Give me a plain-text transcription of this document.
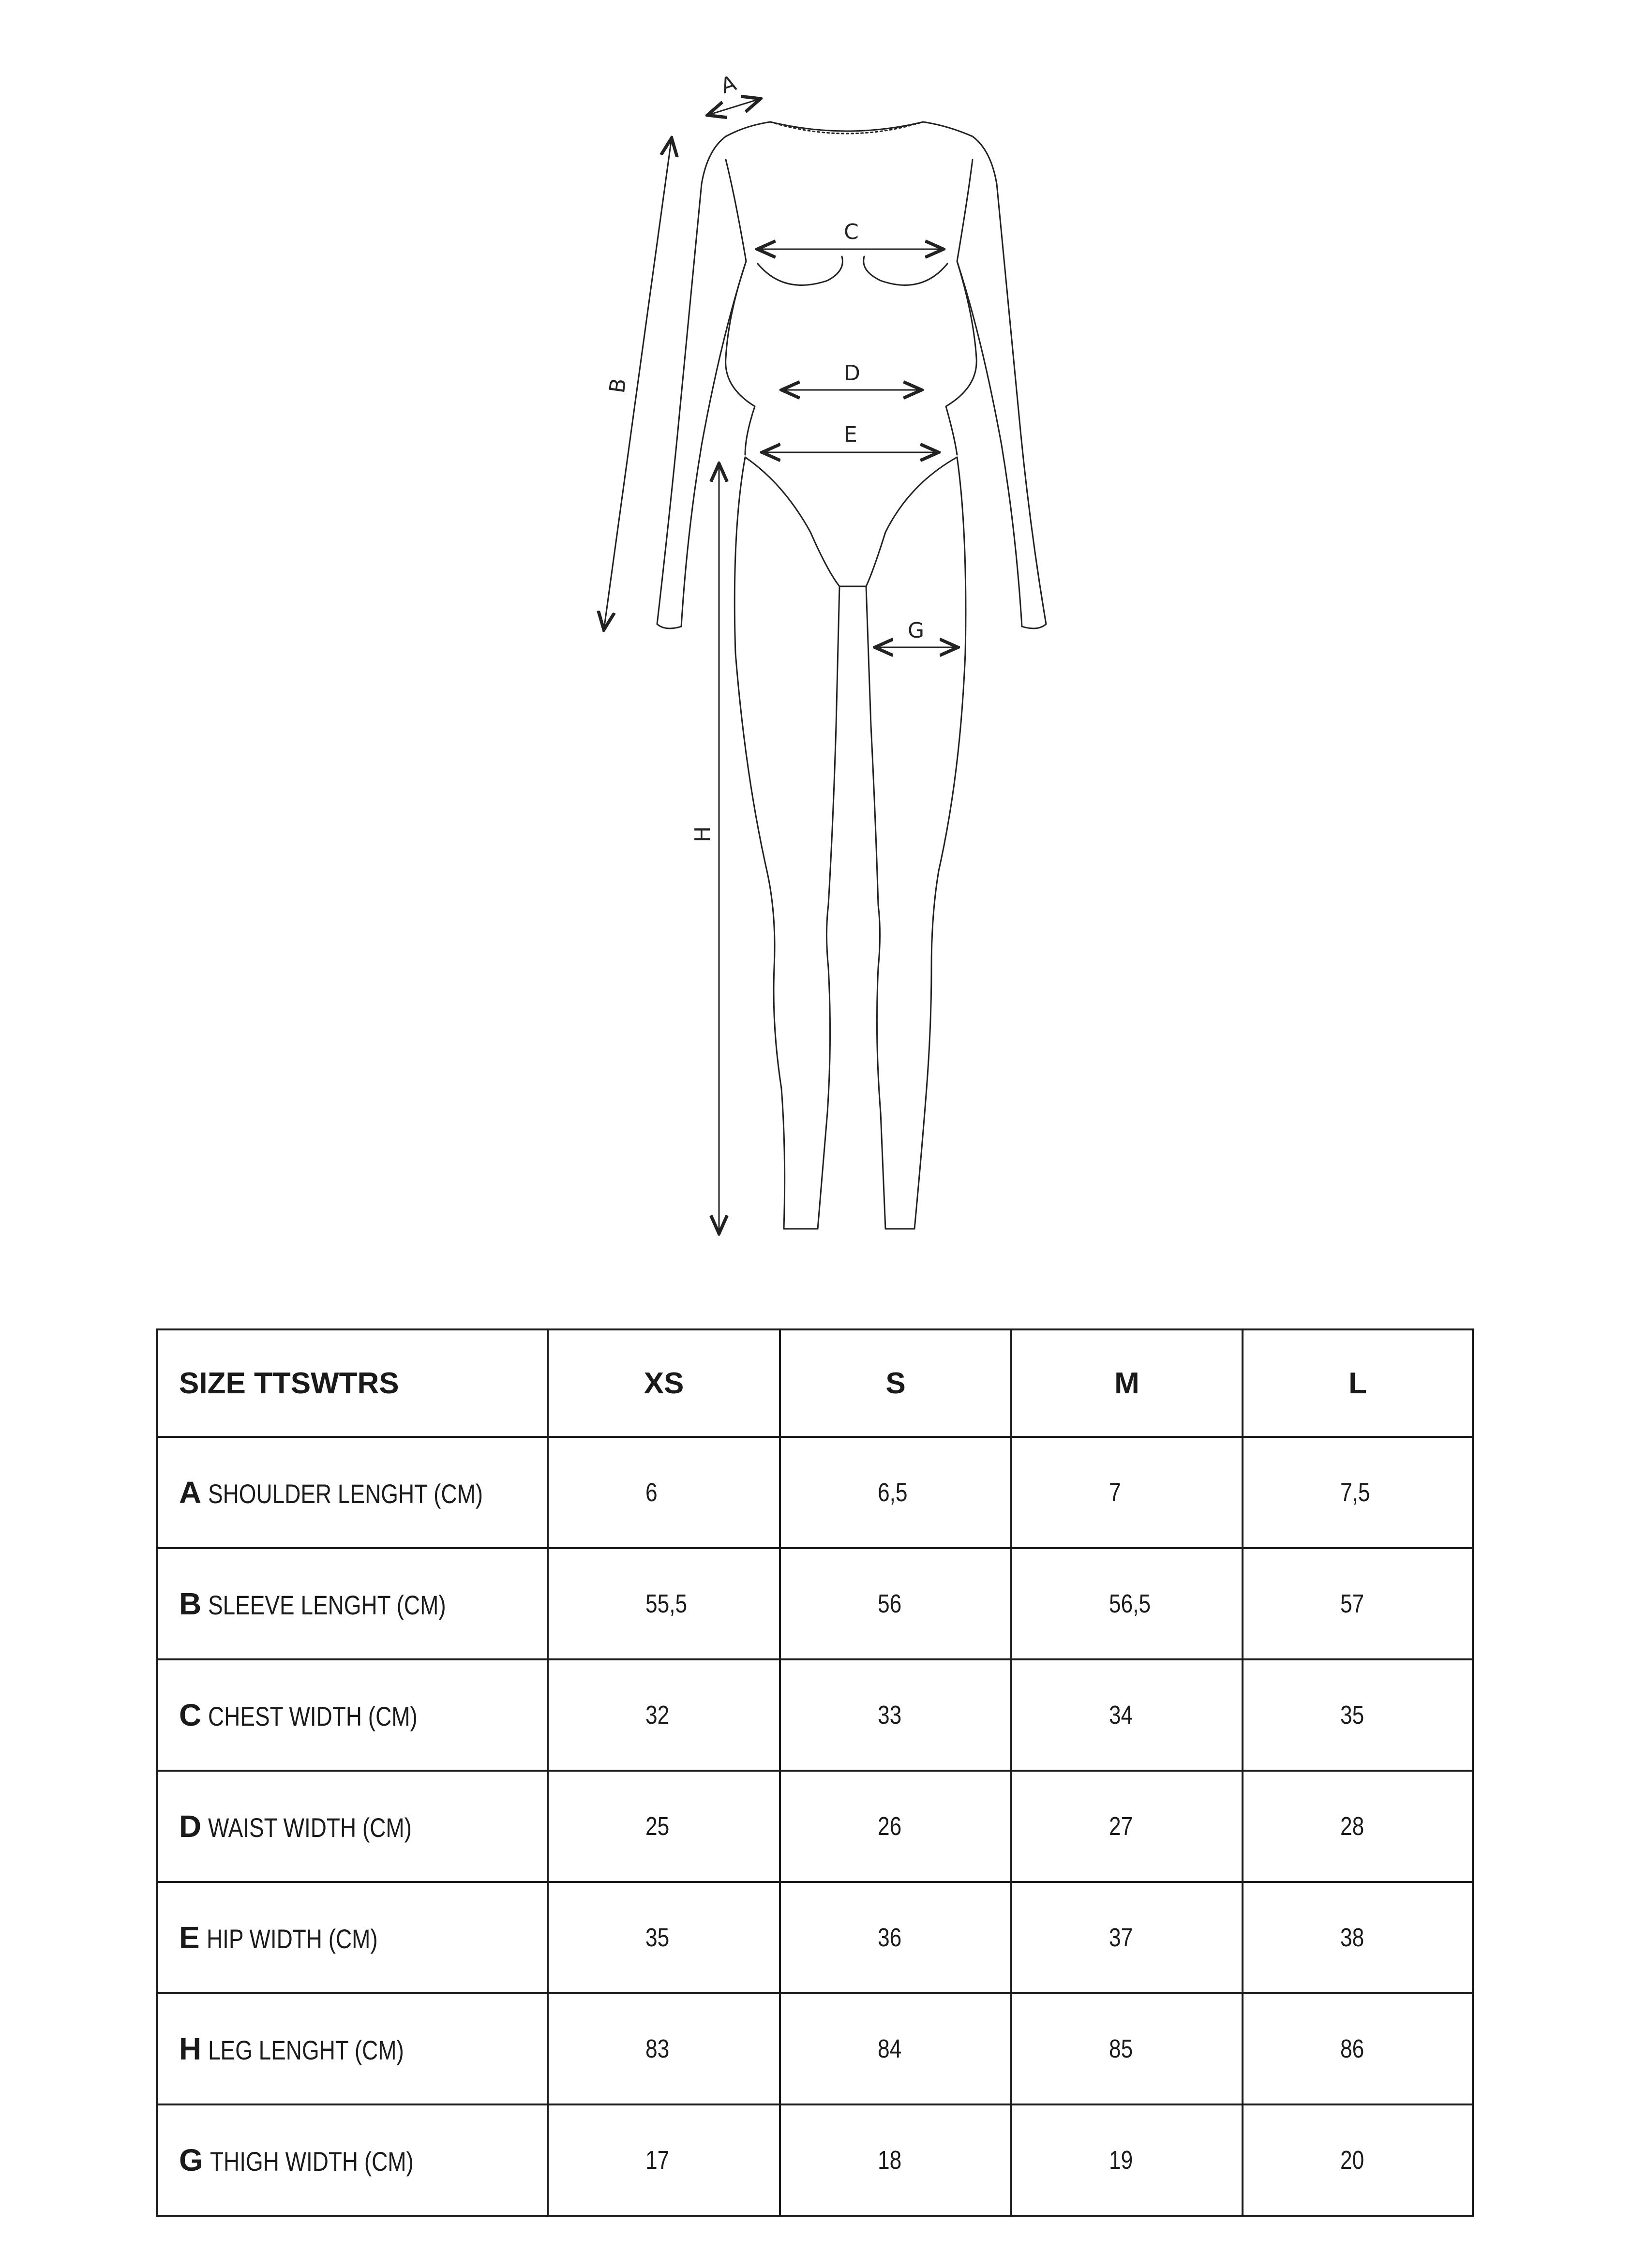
A
B
C
D
E
G
H
SIZE TTSWTRS	XS	S	M	L
A SHOULDER LENGHT (CM)	6	6,5	7	7,5
B SLEEVE LENGHT (CM)	55,5	56	56,5	57
C CHEST WIDTH (CM)	32	33	34	35
D WAIST WIDTH (CM)	25	26	27	28
E HIP WIDTH (CM)	35	36	37	38
H LEG LENGHT (CM)	83	84	85	86
G THIGH WIDTH (CM)	17	18	19	20
